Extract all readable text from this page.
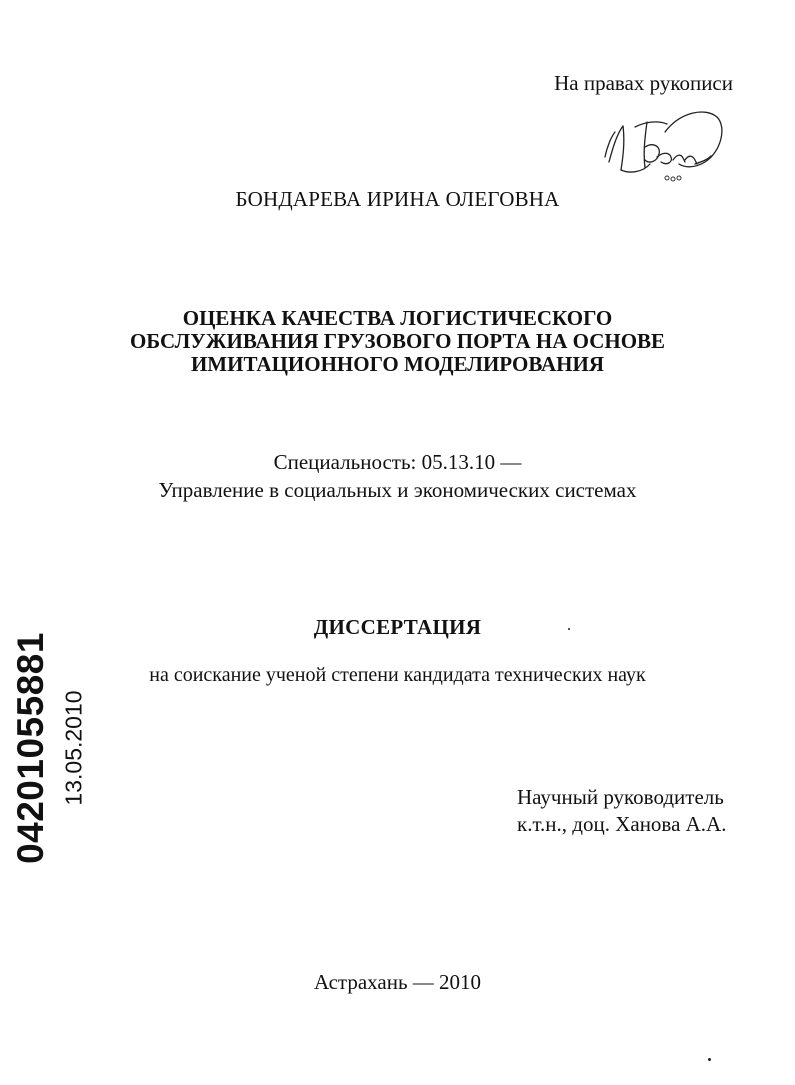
На правах рукописи
БОНДАРЕВА ИРИНА ОЛЕГОВНА
ОЦЕНКА КАЧЕСТВА ЛОГИСТИЧЕСКОГО
ОБСЛУЖИВАНИЯ ГРУЗОВОГО ПОРТА НА ОСНОВЕ
ИМИТАЦИОННОГО МОДЕЛИРОВАНИЯ
Специальность: 05.13.10 —
Управление в социальных и экономических системах
ДИССЕРТАЦИЯ
на соискание ученой степени кандидата технических наук
Научный руководитель
к.т.н., доц. Ханова А.А.
Астрахань — 2010
04201055881 13.05.2010
